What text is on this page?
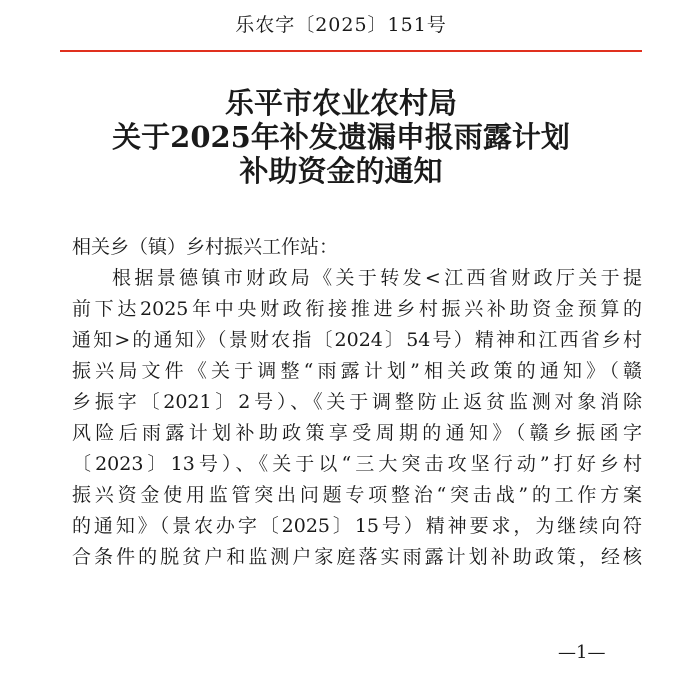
乐农字〔2025〕151号
乐平市农业农村局
关于2025年补发遗漏申报雨露计划
补助资金的通知
相关乡（镇）乡村振兴工作站：
根据景德镇市财政局《关于转发<江西省财政厅关于提
前下达2025年中央财政衔接推进乡村振兴补助资金预算的
通知>的通知》（景财农指〔2024〕54号）精神和江西省乡村
振兴局文件《关于调整“雨露计划”相关政策的通知》（赣
乡振字〔2021〕2号）、《关于调整防止返贫监测对象消除
风险后雨露计划补助政策享受周期的通知》（赣乡振函字
〔2023〕13号）、《关于以“三大突击攻坚行动”打好乡村
振兴资金使用监管突出问题专项整治“突击战”的工作方案
的通知》（景农办字〔2025〕15号）精神要求，为继续向符
合条件的脱贫户和监测户家庭落实雨露计划补助政策，经核
—1—
